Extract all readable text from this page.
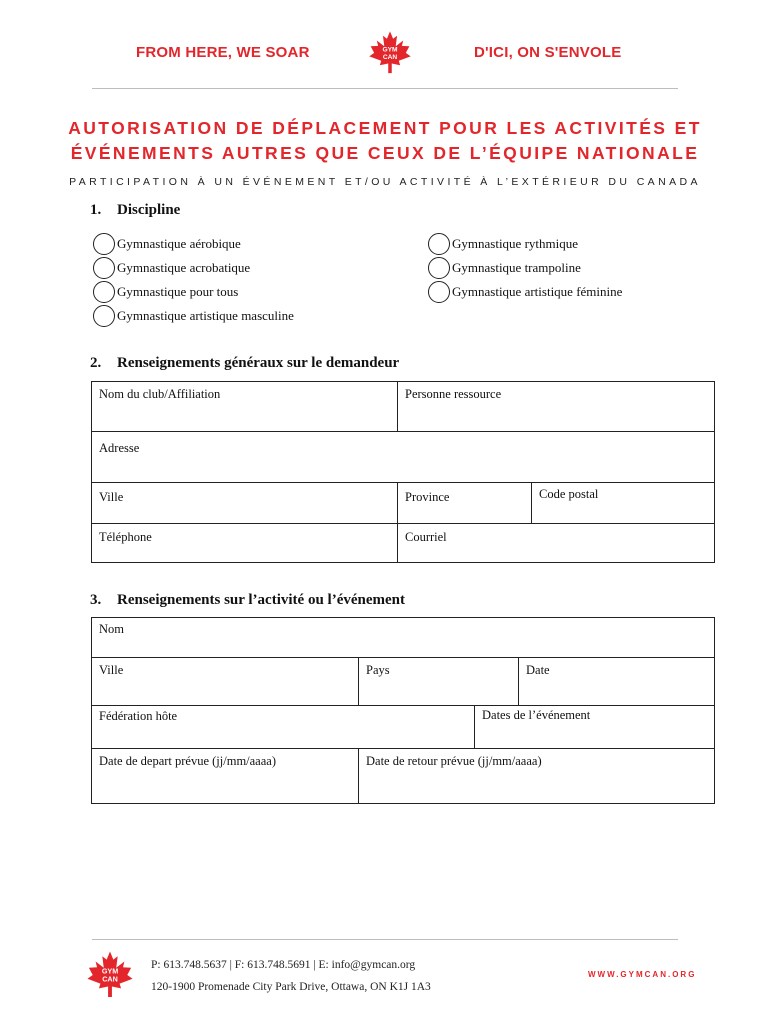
FROM HERE, WE SOAR	GYM
CAN	D'ICI, ON S'ENVOLE
AUTORISATION DE DÉPLACEMENT POUR LES ACTIVITÉS ET
ÉVÉNEMENTS AUTRES QUE CEUX DE L’ÉQUIPE NATIONALE
PARTICIPATION À UN ÉVÉNEMENT ET/OU ACTIVITÉ À L’EXTÉRIEUR DU CANADA
1. Discipline
Gymnastique aérobique
Gymnastique acrobatique
Gymnastique pour tous
Gymnastique artistique masculine
Gymnastique rythmique
Gymnastique trampoline
Gymnastique artistique féminine
2. Renseignements généraux sur le demandeur
Nom du club/Affiliation	Personne ressource
Adresse
Ville	Province	Code postal
Téléphone	Courriel
3. Renseignements sur l’activité ou l’événement
Nom
Ville	Pays	Date
Fédération hôte	Dates de l’événement
Date de depart prévue (jj/mm/aaaa)	Date de retour prévue (jj/mm/aaaa)
GYM
CAN
P: 613.748.5637 | F: 613.748.5691 | E: info@gymcan.org
120-1900 Promenade City Park Drive, Ottawa, ON K1J 1A3
WWW.GYMCAN.ORG
